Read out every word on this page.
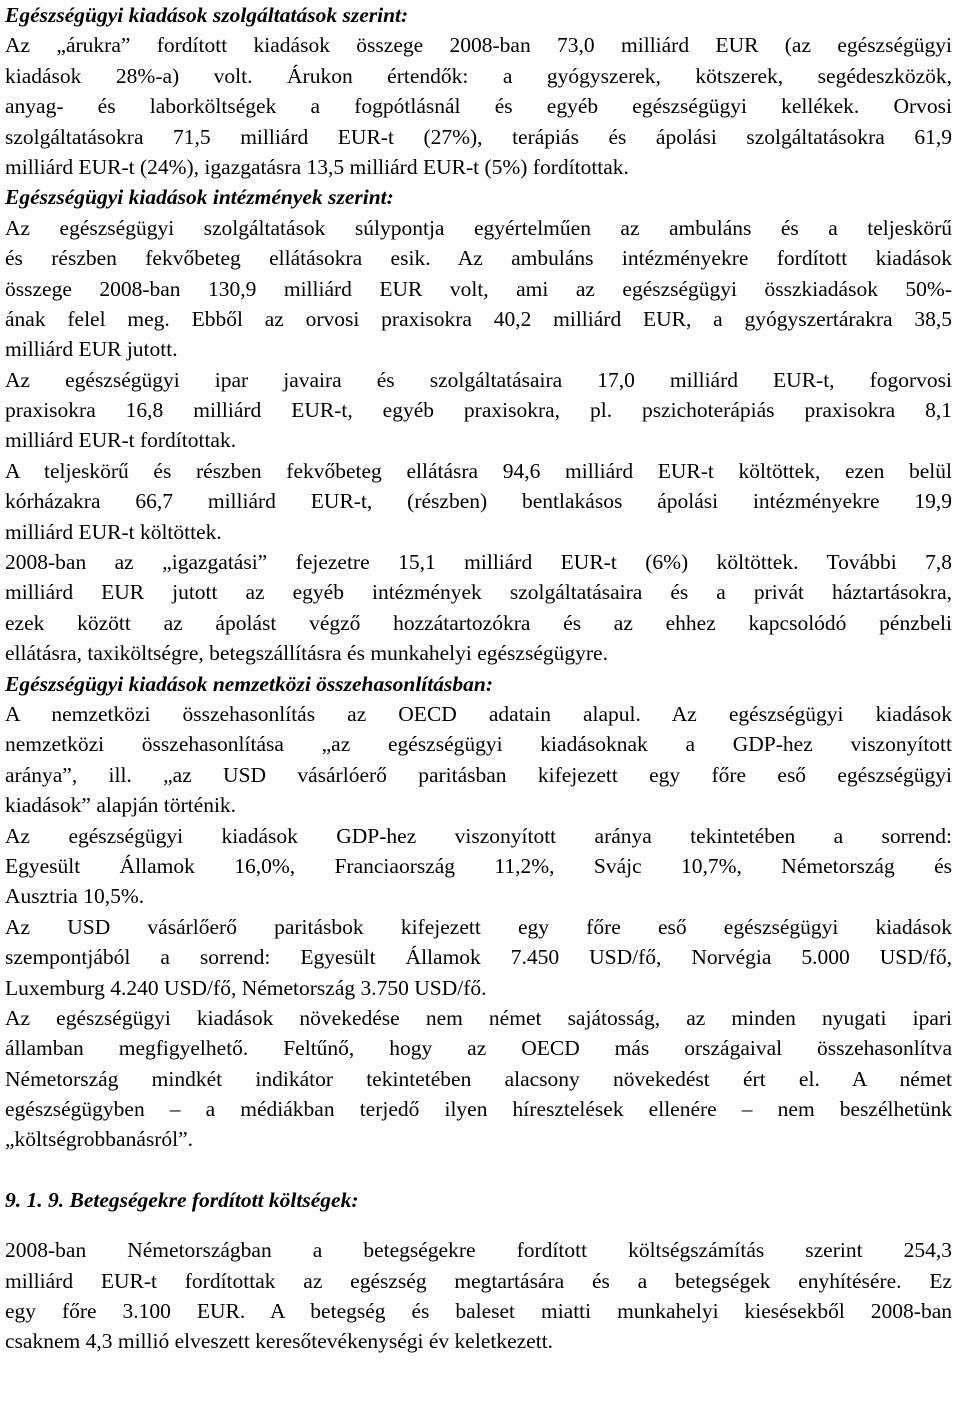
Egészségügyi kiadások szolgáltatások szerint:
Az „árukra” fordított kiadások összege 2008-ban 73,0 milliárd EUR (az egészségügyi
kiadások 28%-a) volt. Árukon értendők: a gyógyszerek, kötszerek, segédeszközök,
anyag- és laborköltségek a fogpótlásnál és egyéb egészségügyi kellékek. Orvosi
szolgáltatásokra 71,5 milliárd EUR-t (27%), terápiás és ápolási szolgáltatásokra 61,9
milliárd EUR-t (24%), igazgatásra 13,5 milliárd EUR-t (5%) fordítottak.
Egészségügyi kiadások intézmények szerint:
Az egészségügyi szolgáltatások súlypontja egyértelműen az ambuláns és a teljeskörű
és részben fekvőbeteg ellátásokra esik. Az ambuláns intézményekre fordított kiadások
összege 2008-ban 130,9 milliárd EUR volt, ami az egészségügyi összkiadások 50%-
ának felel meg. Ebből az orvosi praxisokra 40,2 milliárd EUR, a gyógyszertárakra 38,5
milliárd EUR jutott.
Az egészségügyi ipar javaira és szolgáltatásaira 17,0 milliárd EUR-t, fogorvosi
praxisokra 16,8 milliárd EUR-t, egyéb praxisokra, pl. pszichoterápiás praxisokra 8,1
milliárd EUR-t fordítottak.
A teljeskörű és részben fekvőbeteg ellátásra 94,6 milliárd EUR-t költöttek, ezen belül
kórházakra 66,7 milliárd EUR-t, (részben) bentlakásos ápolási intézményekre 19,9
milliárd EUR-t költöttek.
2008-ban az „igazgatási” fejezetre 15,1 milliárd EUR-t (6%) költöttek. További 7,8
milliárd EUR jutott az egyéb intézmények szolgáltatásaira és a privát háztartásokra,
ezek között az ápolást végző hozzátartozókra és az ehhez kapcsolódó pénzbeli
ellátásra, taxiköltségre, betegszállításra és munkahelyi egészségügyre.
Egészségügyi kiadások nemzetközi összehasonlításban:
A nemzetközi összehasonlítás az OECD adatain alapul. Az egészségügyi kiadások
nemzetközi összehasonlítása „az egészségügyi kiadásoknak a GDP-hez viszonyított
aránya”, ill. „az USD vásárlóerő paritásban kifejezett egy főre eső egészségügyi
kiadások” alapján történik.
Az egészségügyi kiadások GDP-hez viszonyított aránya tekintetében a sorrend:
Egyesült Államok 16,0%, Franciaország 11,2%, Svájc 10,7%, Németország és
Ausztria 10,5%.
Az USD vásárlőerő paritásbok kifejezett egy főre eső egészségügyi kiadások
szempontjából a sorrend: Egyesült Államok 7.450 USD/fő, Norvégia 5.000 USD/fő,
Luxemburg 4.240 USD/fő, Németország 3.750 USD/fő.
Az egészségügyi kiadások növekedése nem német sajátosság, az minden nyugati ipari
államban megfigyelhető. Feltűnő, hogy az OECD más országaival összehasonlítva
Németország mindkét indikátor tekintetében alacsony növekedést ért el. A német
egészségügyben – a médiákban terjedő ilyen híresztelések ellenére – nem beszélhetünk
„költségrobbanásról”.
9. 1. 9. Betegségekre fordított költségek:
2008-ban Németországban a betegségekre fordított költségszámítás szerint 254,3
milliárd EUR-t fordítottak az egészség megtartására és a betegségek enyhítésére. Ez
egy főre 3.100 EUR. A betegség és baleset miatti munkahelyi kiesésekből 2008-ban
csaknem 4,3 millió elveszett keresőtevékenységi év keletkezett.
